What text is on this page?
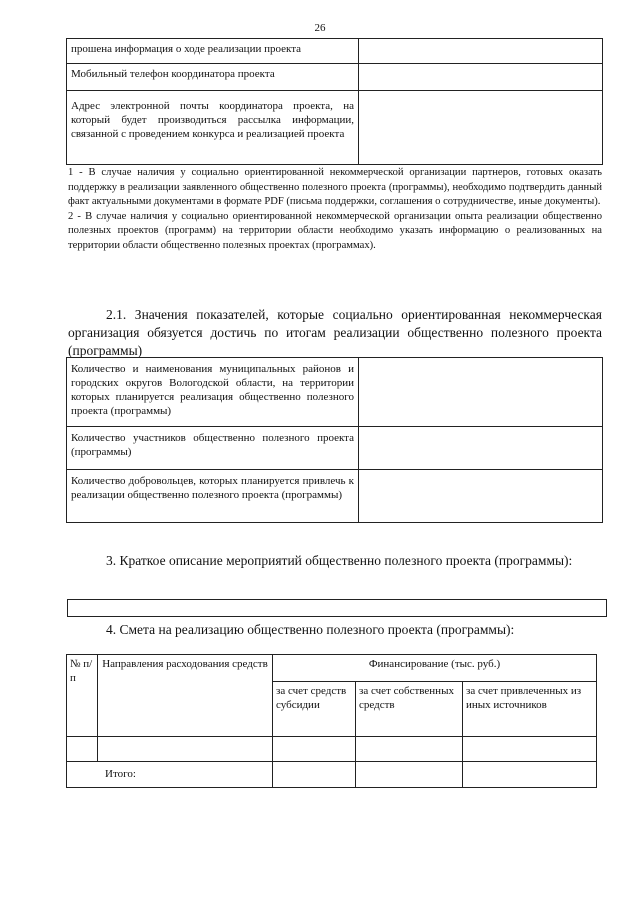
26
прошена информация о ходе реализации проекта	
Мобильный телефон координатора проекта	
Адрес электронной почты координатора проекта, на который будет производиться рассылка информации, связанной с проведением конкурса и реализацией проекта	

1 - В случае наличия у социально ориентированной некоммерческой организации партнеров, готовых оказать поддержку в реализации заявленного общественно полезного проекта (программы), необходимо подтвердить данный факт актуальными документами в формате PDF (письма поддержки, соглашения о сотрудничестве, иные документы).

2 - В случае наличия у социально ориентированной некоммерческой организации опыта реализации общественно полезных проектов (программ) на территории области необходимо указать информацию о реализованных на территории области общественно полезных проектах (программах).

2.1. Значения показателей, которые социально ориентированная некоммерческая организация обязуется достичь по итогам реализации общественно полезного проекта (программы)
Количество и наименования муниципальных районов и городских округов Вологодской области, на территории которых планируется реализация общественно полезного проекта (программы)	
Количество участников общественно полезного проекта (программы)	
Количество добровольцев, которых планируется привлечь к реализации общественно полезного проекта (программы)	
3. Краткое описание мероприятий общественно полезного проекта (программы):
4. Смета на реализацию общественно полезного проекта (программы):
№ п/п	Направления расходования средств	Финансирование (тыс. руб.)		
		за счет средств субсидии	за счет собственных средств	за счет привлеченных из иных источников

Итого:				
